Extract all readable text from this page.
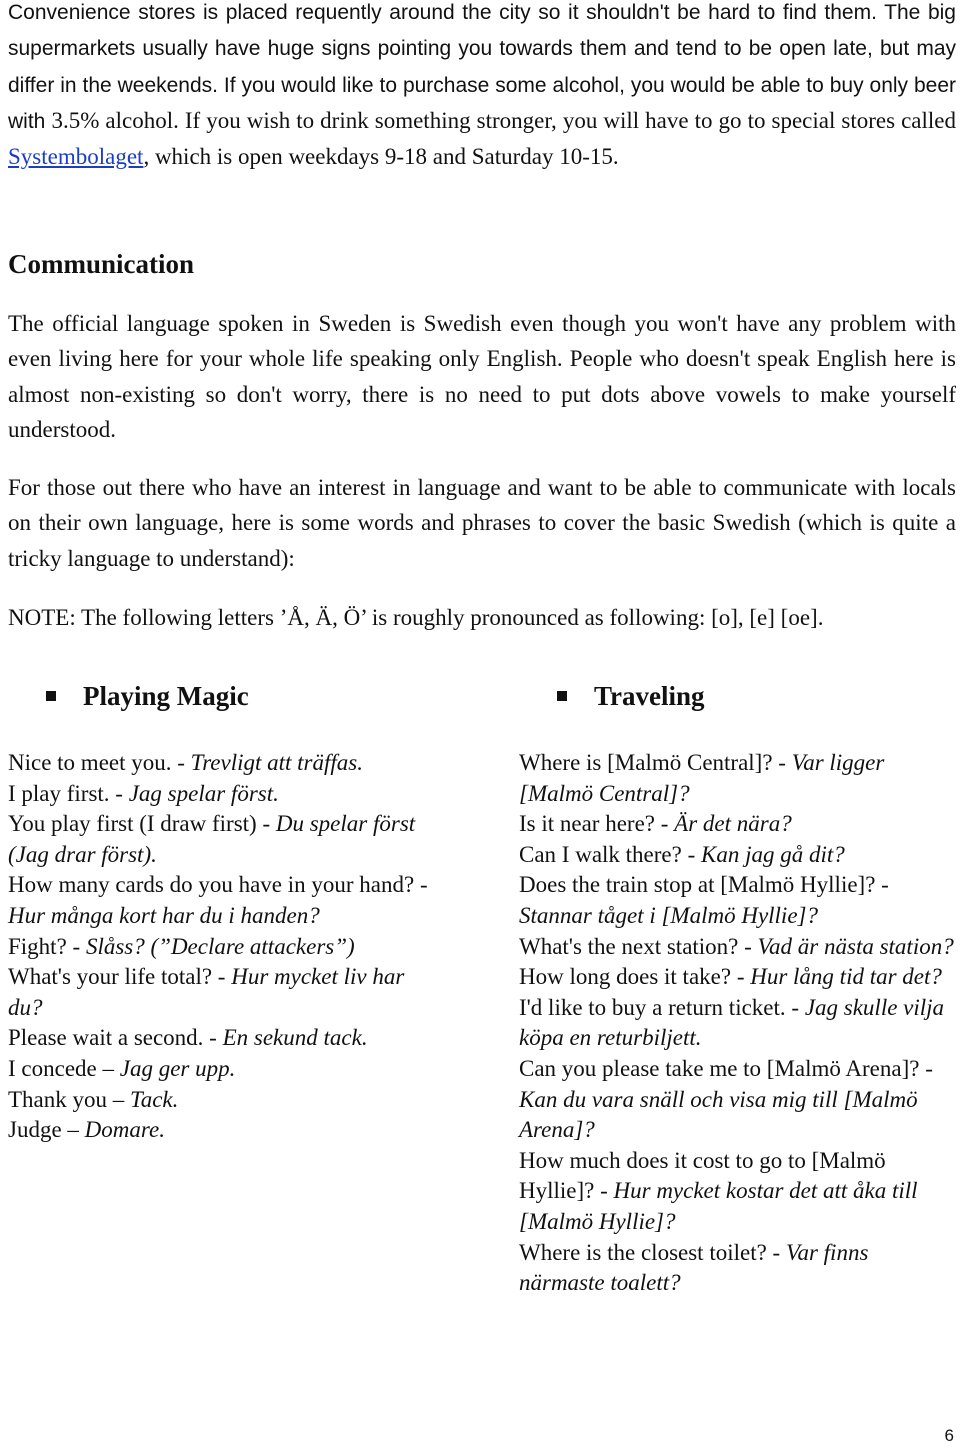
Convenience stores is placed requently around the city so it shouldn't be hard to find them. The big supermarkets usually have huge signs pointing you towards them and tend to be open late, but may differ in the weekends. If you would like to purchase some alcohol, you would be able to buy only beer with 3.5% alcohol. If you wish to drink something stronger, you will have to go to special stores called Systembolaget, which is open weekdays 9-18 and Saturday 10-15.

Communication

The official language spoken in Sweden is Swedish even though you won't have any problem with even living here for your whole life speaking only English. People who doesn't speak English here is almost non-existing so don't worry, there is no need to put dots above vowels to make yourself understood.

For those out there who have an interest in language and want to be able to communicate with locals on their own language, here is some words and phrases to cover the basic Swedish (which is quite a tricky language to understand):

NOTE: The following letters ’Å, Ä, Ö’ is roughly pronounced as following: [o], [e] [oe].

Playing Magic
Nice to meet you. - Trevligt att träffas.
I play first. - Jag spelar först.
You play first (I draw first) - Du spelar först (Jag drar först).
How many cards do you have in your hand? - Hur många kort har du i handen?
Fight? - Slåss? (”Declare attackers”)
What's your life total? - Hur mycket liv har du?
Please wait a second. - En sekund tack.
I concede – Jag ger upp.
Thank you – Tack.
Judge – Domare.
Traveling
Where is [Malmö Central]? - Var ligger [Malmö Central]?
Is it near here? - Är det nära?
Can I walk there? - Kan jag gå dit?
Does the train stop at [Malmö Hyllie]? - Stannar tåget i [Malmö Hyllie]?
What's the next station? - Vad är nästa station?
How long does it take? - Hur lång tid tar det?
I'd like to buy a return ticket. - Jag skulle vilja köpa en returbiljett.
Can you please take me to [Malmö Arena]? - Kan du vara snäll och visa mig till [Malmö Arena]?
How much does it cost to go to [Malmö Hyllie]? - Hur mycket kostar det att åka till [Malmö Hyllie]?
Where is the closest toilet? - Var finns närmaste toalett?
6
